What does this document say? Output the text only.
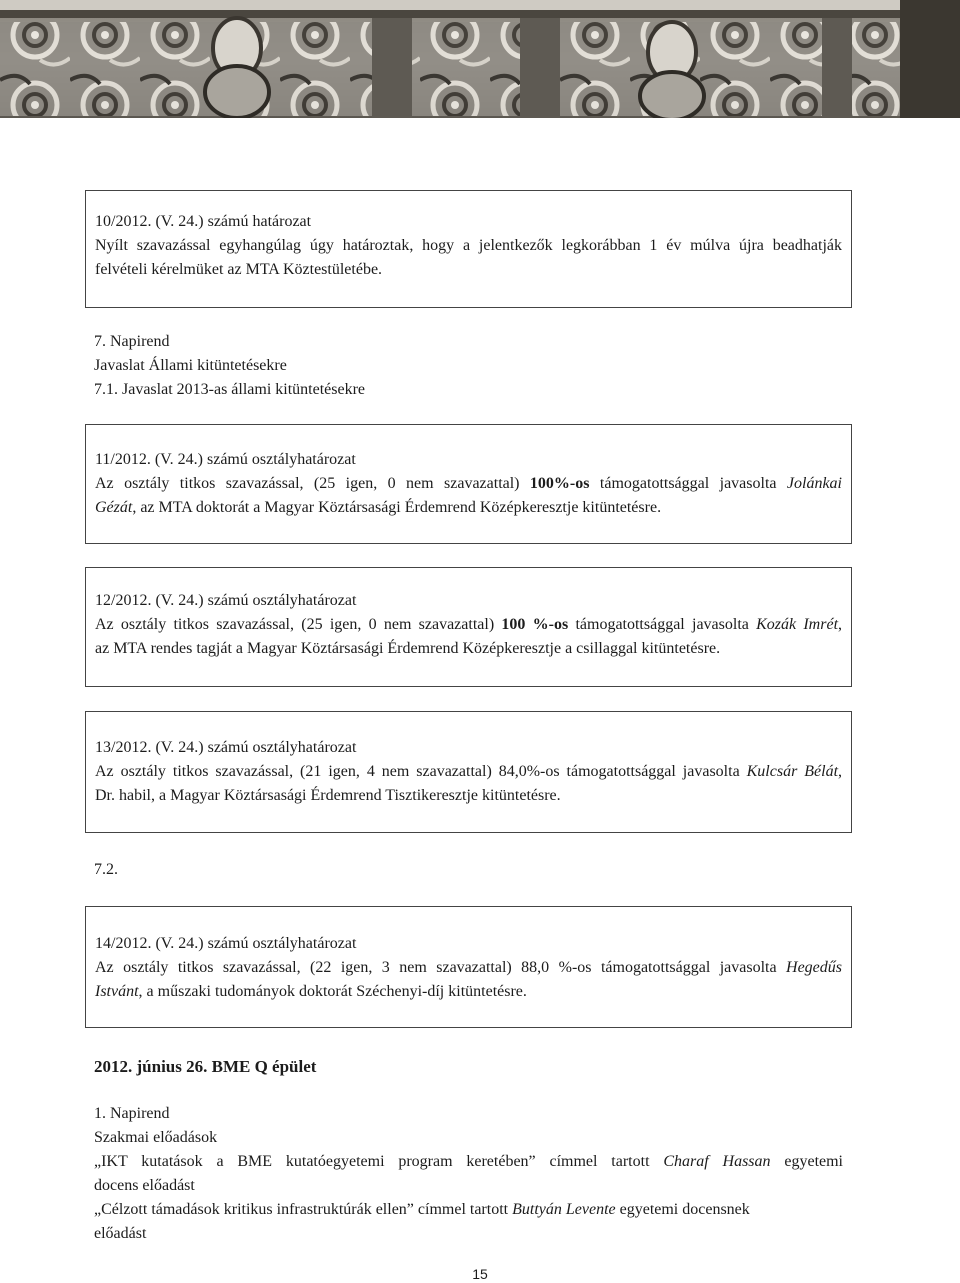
10/2012. (V. 24.) számú határozat
Nyílt szavazással egyhangúlag úgy határoztak, hogy a jelentkezők legkorábban 1 év múlva újra beadhatják
felvételi kérelmüket az MTA Köztestületébe.
7. Napirend
Javaslat Állami kitüntetésekre
7.1. Javaslat 2013-as állami kitüntetésekre
11/2012. (V. 24.) számú osztályhatározat
Az osztály titkos szavazással, (25 igen, 0 nem szavazattal) 100%-os támogatottsággal javasolta Jolánkai
Gézát, az MTA doktorát a Magyar Köztársasági Érdemrend Középkeresztje kitüntetésre.
12/2012. (V. 24.) számú osztályhatározat
Az osztály titkos szavazással, (25 igen, 0 nem szavazattal) 100 %-os támogatottsággal javasolta Kozák Imrét,
az MTA rendes tagját a Magyar Köztársasági Érdemrend Középkeresztje a csillaggal kitüntetésre.
13/2012. (V. 24.) számú osztályhatározat
Az osztály titkos szavazással, (21 igen, 4 nem szavazattal) 84,0%-os támogatottsággal javasolta Kulcsár Bélát,
Dr. habil, a Magyar Köztársasági Érdemrend Tisztikeresztje kitüntetésre.
7.2.
14/2012. (V. 24.) számú osztályhatározat
Az osztály titkos szavazással, (22 igen, 3 nem szavazattal) 88,0 %-os támogatottsággal javasolta Hegedűs
Istvánt, a műszaki tudományok doktorát Széchenyi-díj kitüntetésre.
2012. június 26. BME Q épület
1. Napirend
Szakmai előadások
„IKT kutatások a BME kutatóegyetemi program keretében” címmel tartott Charaf Hassan egyetemi
docens előadást
„Célzott támadások kritikus infrastruktúrák ellen” címmel tartott Buttyán Levente egyetemi docensnek
előadást
15
